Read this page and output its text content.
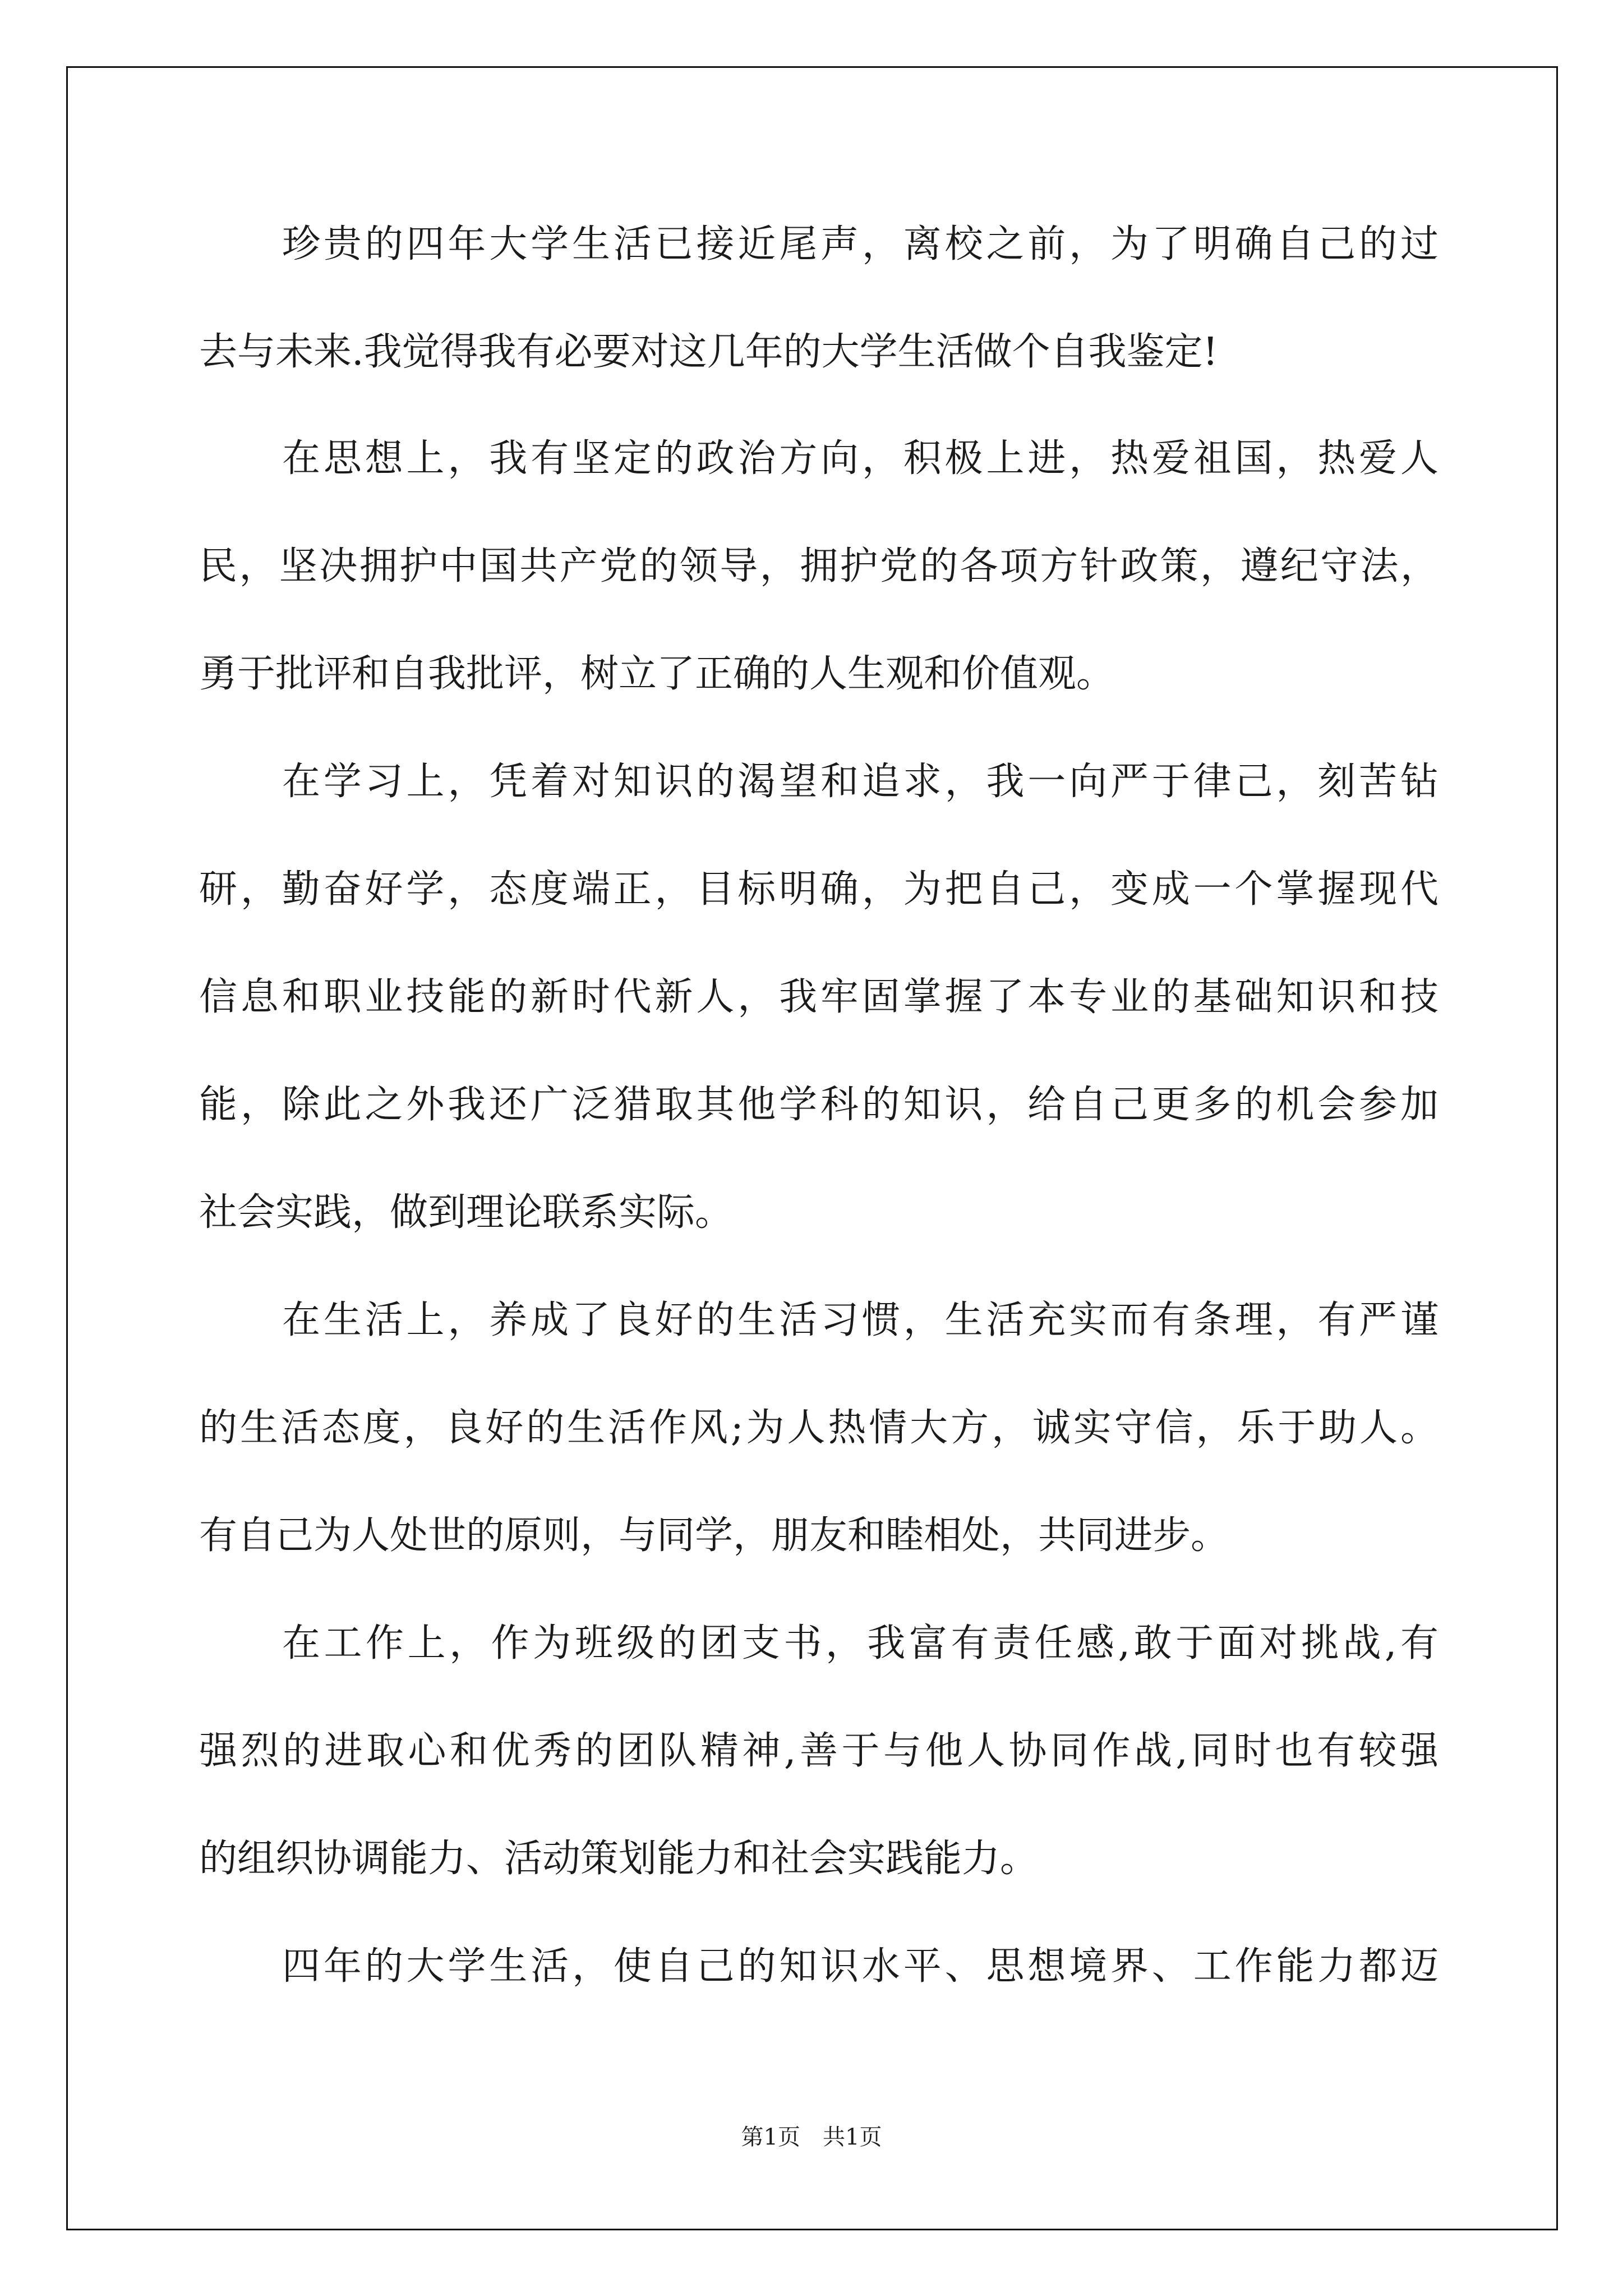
珍贵的四年大学生活已接近尾声，离校之前，为了明确自己的过
去与未来.我觉得我有必要对这几年的大学生活做个自我鉴定!
在思想上，我有坚定的政治方向，积极上进，热爱祖国，热爱人
民，坚决拥护中国共产党的领导，拥护党的各项方针政策，遵纪守法，
勇于批评和自我批评，树立了正确的人生观和价值观。
在学习上，凭着对知识的渴望和追求，我一向严于律己，刻苦钻
研，勤奋好学，态度端正，目标明确，为把自己，变成一个掌握现代
信息和职业技能的新时代新人，我牢固掌握了本专业的基础知识和技
能，除此之外我还广泛猎取其他学科的知识，给自己更多的机会参加
社会实践，做到理论联系实际。
在生活上，养成了良好的生活习惯，生活充实而有条理，有严谨
的生活态度，良好的生活作风;为人热情大方，诚实守信，乐于助人。
有自己为人处世的原则，与同学，朋友和睦相处，共同进步。
在工作上，作为班级的团支书，我富有责任感,敢于面对挑战,有
强烈的进取心和优秀的团队精神,善于与他人协同作战,同时也有较强
的组织协调能力、活动策划能力和社会实践能力。
四年的大学生活，使自己的知识水平、思想境界、工作能力都迈
第1页　共1页
